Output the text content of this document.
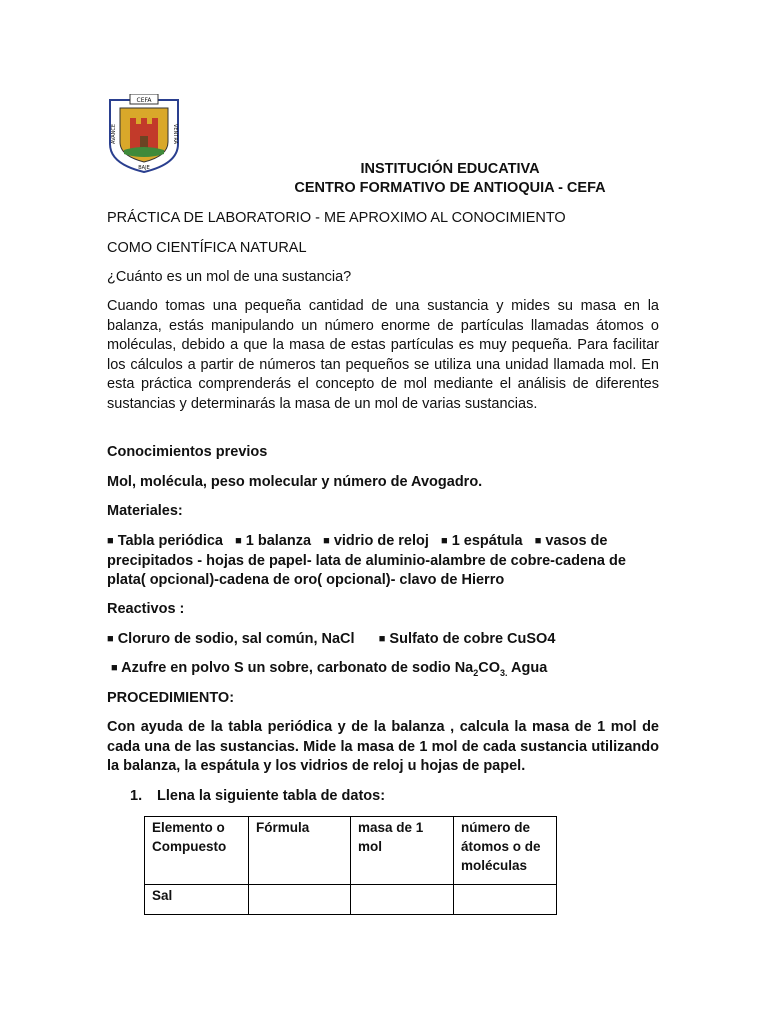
CEFA
AVANCE	VENTRA
BAJE	INSTITUCIÓN EDUCATIVA
CENTRO FORMATIVO DE ANTIOQUIA - CEFA
PRÁCTICA DE LABORATORIO - ME APROXIMO AL CONOCIMIENTO
COMO CIENTÍFICA NATURAL
¿Cuánto es un mol de una sustancia?
Cuando tomas una pequeña cantidad de una sustancia y mides su masa en la balanza, estás manipulando un número enorme de partículas llamadas átomos o moléculas, debido a que la masa de estas partículas es muy pequeña. Para facilitar los cálculos a partir de números tan pequeños se utiliza una unidad llamada mol. En esta práctica comprenderás el concepto de mol mediante el análisis de diferentes sustancias y determinarás la masa de un mol de varias sustancias.
Conocimientos previos
Mol, molécula, peso molecular y número de Avogadro.
Materiales:
■ Tabla periódica ■ 1 balanza ■ vidrio de reloj ■ 1 espátula ■ vasos de precipitados - hojas de papel- lata de aluminio-alambre de cobre-cadena de plata( opcional)-cadena de oro( opcional)- clavo de Hierro
Reactivos :
■ Cloruro de sodio, sal común, NaCl ■ Sulfato de cobre CuSO4
■ Azufre en polvo S un sobre, carbonato de sodio $Na_2CO_{3.}$ Agua
PROCEDIMIENTO:
Con ayuda de la tabla periódica y de la balanza , calcula la masa de 1 mol de cada una de las sustancias. Mide la masa de 1 mol de cada sustancia utilizando la balanza, la espátula y los vidrios de reloj u hojas de papel.
1. Llena la siguiente tabla de datos:
Elemento o Compuesto	Fórmula	masa de 1 mol	número de átomos o de moléculas
Sal			
